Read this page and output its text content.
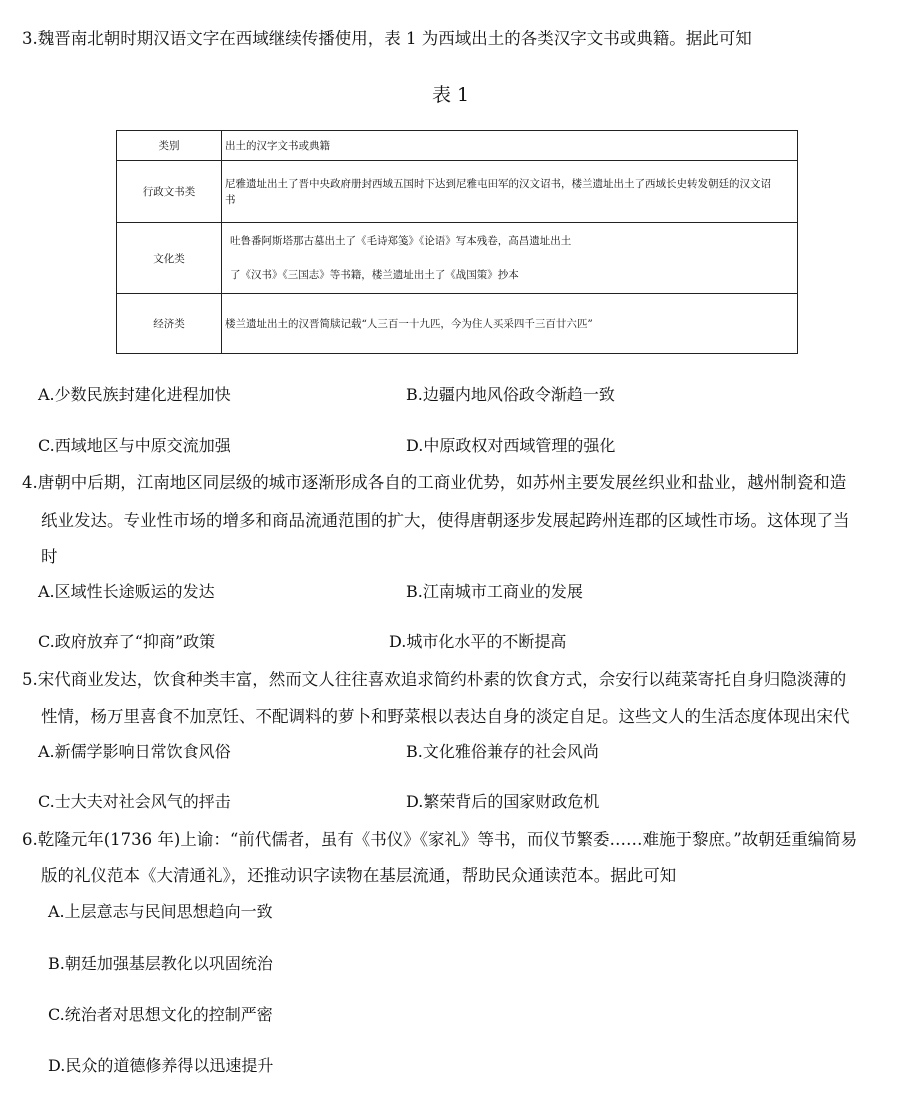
3.魏晋南北朝时期汉语文字在西域继续传播使用，表 1 为西域出土的各类汉字文书或典籍。据此可知
表 1
类别	出土的汉字文书或典籍
行政文书类	尼雅遗址出土了晋中央政府册封西域五国时下达到尼雅屯田军的汉文诏书，楼兰遗址出土了西域长史转发朝廷的汉文诏
书

文化类	吐鲁番阿斯塔那古墓出土了《毛诗郑笺》《论语》写本残卷，高昌遗址出土
了《汉书》《三国志》等书籍，楼兰遗址出土了《战国策》抄本

经济类	楼兰遗址出土的汉晋简牍记载“人三百一十九匹，今为住人买采四千三百廿六匹”
A.少数民族封建化进程加快	B.边疆内地风俗政令渐趋一致
C.西域地区与中原交流加强	D.中原政权对西域管理的强化
4.唐朝中后期，江南地区同层级的城市逐渐形成各自的工商业优势，如苏州主要发展丝织业和盐业，越州制瓷和造
纸业发达。专业性市场的增多和商品流通范围的扩大，使得唐朝逐步发展起跨州连郡的区域性市场。这体现了当
时
A.区域性长途贩运的发达	B.江南城市工商业的发展
C.政府放弃了“抑商”政策	D.城市化水平的不断提高
5.宋代商业发达，饮食种类丰富，然而文人往往喜欢追求简约朴素的饮食方式，佘安行以莼菜寄托自身归隐淡薄的
性情，杨万里喜食不加烹饪、不配调料的萝卜和野菜根以表达自身的淡定自足。这些文人的生活态度体现出宋代
A.新儒学影响日常饮食风俗	B.文化雅俗兼存的社会风尚
C.士大夫对社会风气的抨击	D.繁荣背后的国家财政危机
6.乾隆元年(1736 年)上谕：“前代儒者，虽有《书仪》《家礼》等书，而仪节繁委……难施于黎庶。”故朝廷重编简易
版的礼仪范本《大清通礼》，还推动识字读物在基层流通，帮助民众通读范本。据此可知
A.上层意志与民间思想趋向一致
B.朝廷加强基层教化以巩固统治
C.统治者对思想文化的控制严密
D.民众的道德修养得以迅速提升
